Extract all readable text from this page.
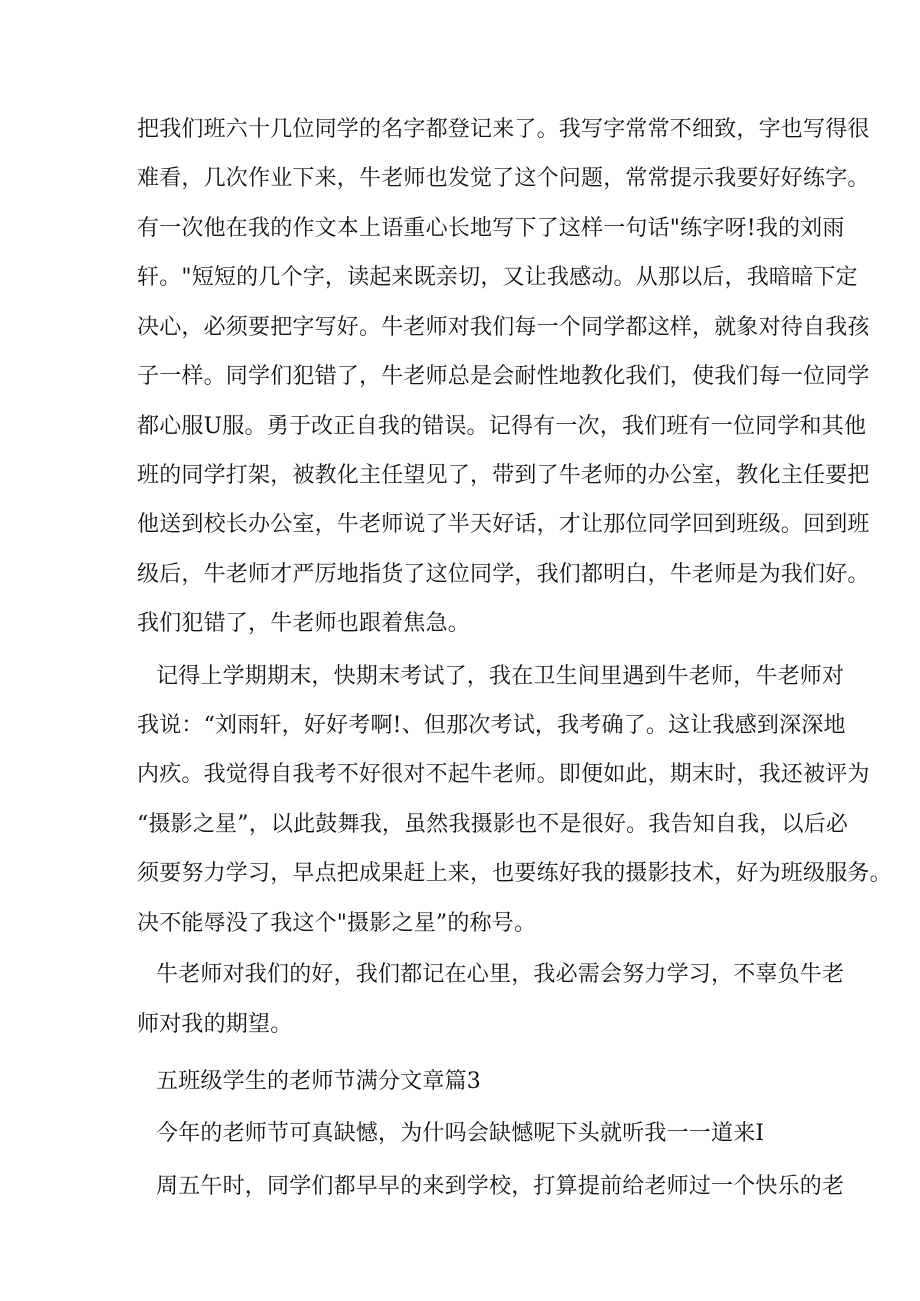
把我们班六十几位同学的名字都登记来了。我写字常常不细致，字也写得很
难看，几次作业下来，牛老师也发觉了这个问题，常常提示我要好好练字。
有一次他在我的作文本上语重心长地写下了这样一句话"练字呀!我的刘雨
轩。"短短的几个字，读起来既亲切，又让我感动。从那以后，我暗暗下定
决心，必须要把字写好。牛老师对我们每一个同学都这样，就象对待自我孩
子一样。同学们犯错了，牛老师总是会耐性地教化我们，使我们每一位同学
都心服U服。勇于改正自我的错误。记得有一次，我们班有一位同学和其他
班的同学打架，被教化主任望见了，带到了牛老师的办公室，教化主任要把
他送到校长办公室，牛老师说了半天好话，才让那位同学回到班级。回到班
级后，牛老师才严厉地指货了这位同学，我们都明白，牛老师是为我们好。
我们犯错了，牛老师也跟着焦急。
记得上学期期末，快期末考试了，我在卫生间里遇到牛老师，牛老师对
我说：“刘雨轩，好好考啊!、但那次考试，我考确了。这让我感到深深地
内疚。我觉得自我考不好很对不起牛老师。即便如此，期末时，我还被评为
“摄影之星”，以此鼓舞我，虽然我摄影也不是很好。我告知自我，以后必
须要努力学习，早点把成果赶上来，也要练好我的摄影技术，好为班级服务。
决不能辱没了我这个"摄影之星”的称号。
牛老师对我们的好，我们都记在心里，我必需会努力学习，不辜负牛老
师对我的期望。
五班级学生的老师节满分文章篇3
今年的老师节可真缺憾，为什吗会缺憾呢下头就听我一一道来I
周五午时，同学们都早早的来到学校，打算提前给老师过一个快乐的老
